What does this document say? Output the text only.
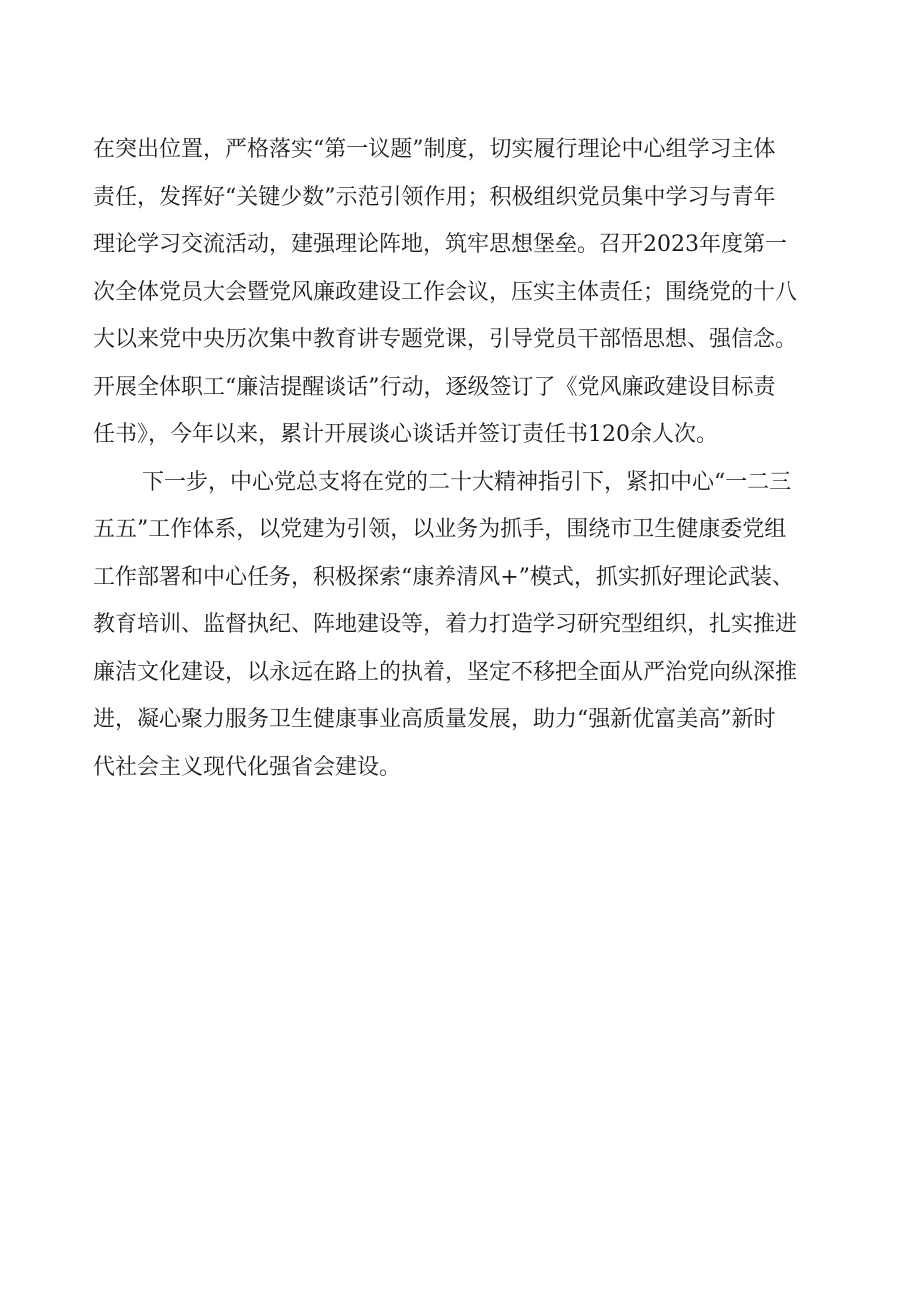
在突出位置，严格落实“第一议题”制度，切实履行理论中心组学习主体
责任，发挥好“关键少数”示范引领作用；积极组织党员集中学习与青年
理论学习交流活动，建强理论阵地，筑牢思想堡垒。召开2023年度第一
次全体党员大会暨党风廉政建设工作会议，压实主体责任；围绕党的十八
大以来党中央历次集中教育讲专题党课，引导党员干部悟思想、强信念。
开展全体职工“廉洁提醒谈话”行动，逐级签订了《党风廉政建设目标责
任书》，今年以来，累计开展谈心谈话并签订责任书120余人次。
下一步，中心党总支将在党的二十大精神指引下，紧扣中心“一二三
五五”工作体系，以党建为引领，以业务为抓手，围绕市卫生健康委党组
工作部署和中心任务，积极探索“康养清风+”模式，抓实抓好理论武装、
教育培训、监督执纪、阵地建设等，着力打造学习研究型组织，扎实推进
廉洁文化建设，以永远在路上的执着，坚定不移把全面从严治党向纵深推
进，凝心聚力服务卫生健康事业高质量发展，助力“强新优富美高”新时
代社会主义现代化强省会建设。
